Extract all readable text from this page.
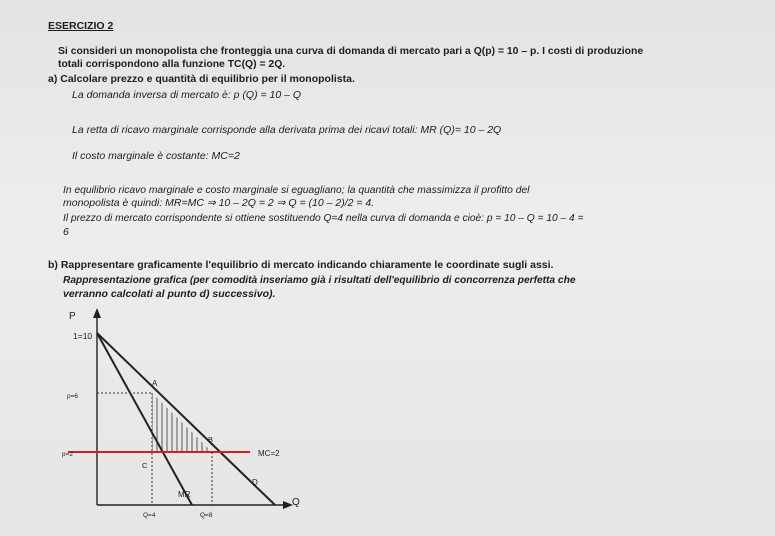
ESERCIZIO 2
Si consideri un monopolista che fronteggia una curva di domanda di mercato pari a Q(p) = 10 – p. I costi di produzione
totali corrispondono alla funzione TC(Q) = 2Q.
a) Calcolare prezzo e quantità di equilibrio per il monopolista.
La domanda inversa di mercato è: p (Q) = 10 – Q
La retta di ricavo marginale corrisponde alla derivata prima dei ricavi totali: MR (Q)= 10 – 2Q
Il costo marginale è costante: MC=2
In equilibrio ricavo marginale e costo marginale si eguagliano; la quantità che massimizza il profitto del
monopolista è quindi: MR=MC ⇒ 10 – 2Q = 2 ⇒ Q = (10 – 2)/2 = 4.
Il prezzo di mercato corrispondente si ottiene sostituendo Q=4 nella curva di domanda e cioè: p = 10 – Q = 10 – 4 =
6
b) Rappresentare graficamente l'equilibrio di mercato indicando chiaramente le coordinate sugli assi.
Rappresentazione grafica (per comodità inseriamo già i risultati dell'equilibrio di concorrenza perfetta che
verranno calcolati al punto d) successivo).
P
Q
1=10
p=6
p=2
A
B
C
D
MC=2
MR
Q=4	Q=8
